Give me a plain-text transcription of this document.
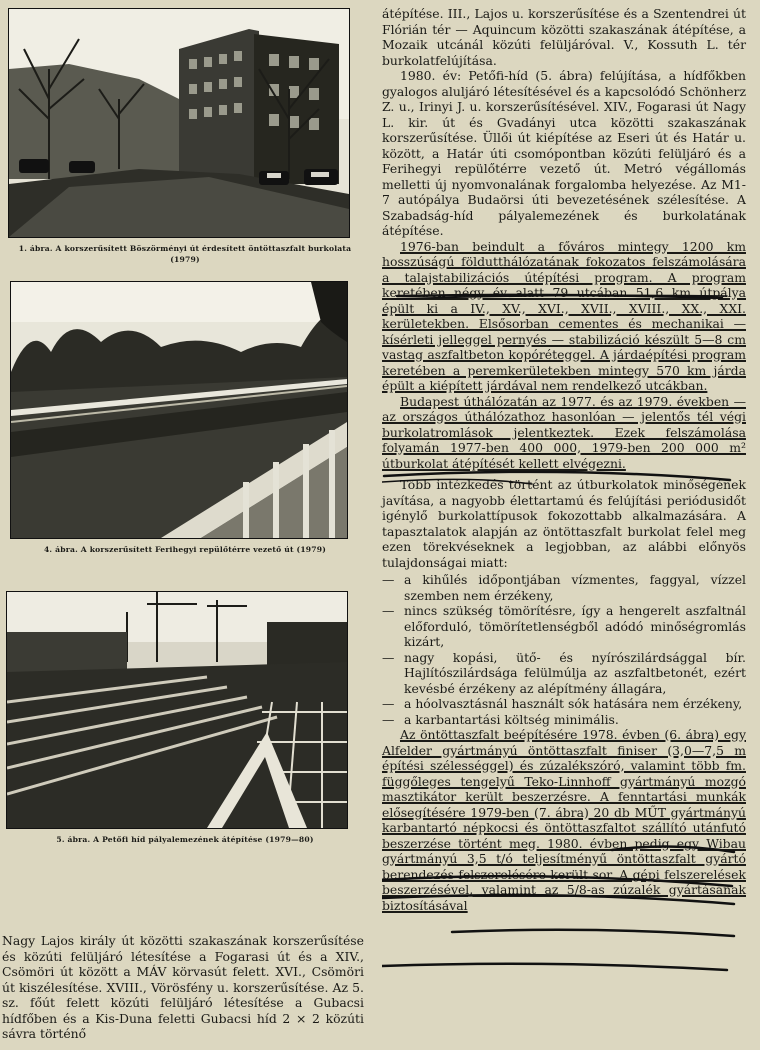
1. ábra. A korszerűsített Böszörményi út érdesített öntöttaszfalt burkolata (1979)
4. ábra. A korszerűsített Ferihegyi repülőtérre vezető út (1979)
5. ábra. A Petőfi híd pályalemezének átépítése (1979—80)
Nagy Lajos király út közötti szakaszának korszerűsítése és közúti felüljáró létesítése a Fogarasi út és a XIV., Csömöri út között a MÁV körvasút felett. XVI., Csömöri út kiszélesítése. XVIII., Vörösfény u. korszerűsítése. Az 5. sz. főút felett közúti felüljáró létesítése a Gubacsi hídfőben és a Kis-Duna feletti Gubacsi híd 2 × 2 közúti sávra történő

átépítése. III., Lajos u. korszerűsítése és a Szentendrei út Flórián tér — Aquincum közötti szakaszának átépítése, a Mozaik utcánál közúti felüljáróval. V., Kossuth L. tér burkolatfelújítása.

1980. év: Petőfi-híd (5. ábra) felújítása, a hídfőkben gyalogos aluljáró létesítésével és a kapcsolódó Schönherz Z. u., Irinyi J. u. korszerűsítésével. XIV., Fogarasi út Nagy L. kir. út és Gvadányi utca közötti szakaszának korszerűsítése. Üllői út kiépítése az Eseri út és Határ u. között, a Határ úti csomópontban közúti felüljáró és a Ferihegyi repülőtérre vezető út. Metró végállomás melletti új nyomvonalának forgalomba helyezése. Az M1- 7 autópálya Budaörsi úti bevezetésének szélesítése. A Szabadság-híd pályalemezének és burkolatának átépítése.

1976-ban beindult a főváros mintegy 1200 km hosszúságú földutthálózatának fokozatos felszámolására a talajstabilizációs útépítési program. A program keretében négy év alatt 79 utcában 51,6 km útpálya épült ki a IV., XV., XVI., XVII., XVIII., XX., XXI. kerületekben. Elsősorban cementes és mechanikai — kísérleti jelleggel pernyés — stabilizáció készült 5—8 cm vastag aszfaltbeton kopóréteggel. A járdaépítési program keretében a peremkerületekben mintegy 570 km járda épült a kiépített járdával nem rendelkező utcákban.

Budapest úthálózatán az 1977. és az 1979. években — az országos úthálózathoz hasonlóan — jelentős tél végi burkolatromlások jelentkeztek. Ezek felszámolása folyamán 1977-ben 400 000, 1979-ben 200 000 m² útburkolat átépítését kellett elvégezni.

Több intézkedés történt az útburkolatok minőségének javítása, a nagyobb élettartamú és felújítási periódusidőt igénylő burkolattípusok fokozottabb alkalmazására. A tapasztalatok alapján az öntöttaszfalt burkolat felel meg ezen törekvéseknek a legjobban, az alábbi előnyös tulajdonságai miatt:

— a kihűlés időpontjában vízmentes, faggyal, vízzel szemben nem érzékeny,
— nincs szükség tömörítésre, így a hengerelt aszfaltnál előforduló, tömörítetlenségből adódó minőségromlás kizárt,
— nagy kopási, ütő- és nyírószilárdsággal bír. Hajlítószilárdsága felülmúlja az aszfaltbetonét, ezért kevésbé érzékeny az alépítmény állagára,
— a hóolvasztásnál használt sók hatására nem érzékeny,
— a karbantartási költség minimális.

Az öntöttaszfalt beépítésére 1978. évben (6. ábra) egy Alfelder gyártmányú öntöttaszfalt finiser (3,0—7,5 m építési szélességgel) és zúzalékszóró, valamint több fm. függőleges tengelyű Teko-Linnhoff gyártmányú mozgó masztikátor került beszerzésre. A fenntartási munkák elősegítésére 1979-ben (7. ábra) 20 db MŰT gyártmányú karbantartó népkocsi és öntöttaszfaltot szállító utánfutó beszerzése történt meg. 1980. évben pedig egy Wibau gyártmányú 3,5 t/ó teljesítményű öntöttaszfalt gyártó berendezés felszerelésére került sor. A gépi felszerelések beszerzésével, valamint az 5/8-as zúzalék gyártásának biztosításával
